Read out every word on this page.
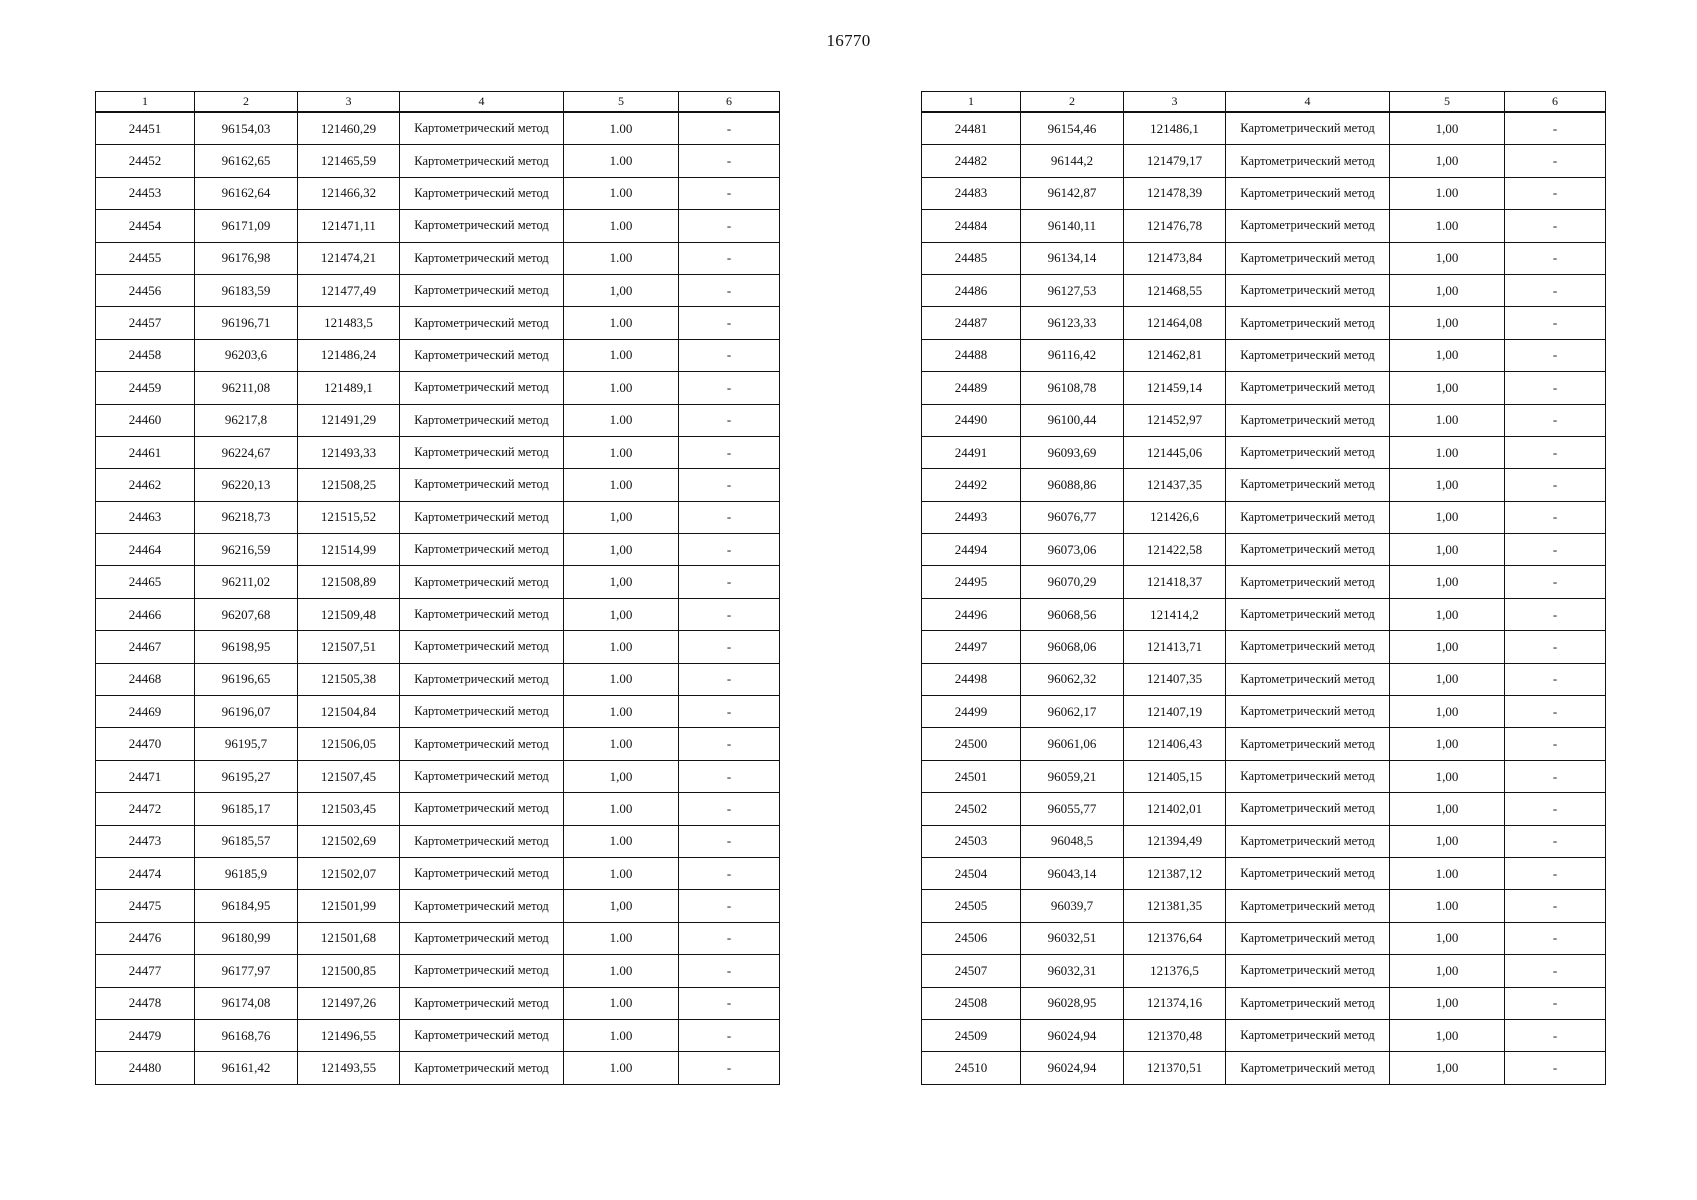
16770
1	2	3	4	5	6
24451	96154,03	121460,29	Картометрический метод	1.00	-
24452	96162,65	121465,59	Картометрический метод	1.00	-
24453	96162,64	121466,32	Картометрический метод	1.00	-
24454	96171,09	121471,11	Картометрический метод	1.00	-
24455	96176,98	121474,21	Картометрический метод	1.00	-
24456	96183,59	121477,49	Картометрический метод	1,00	-
24457	96196,71	121483,5	Картометрический метод	1.00	-
24458	96203,6	121486,24	Картометрический метод	1.00	-
24459	96211,08	121489,1	Картометрический метод	1.00	-
24460	96217,8	121491,29	Картометрический метод	1.00	-
24461	96224,67	121493,33	Картометрический метод	1.00	-
24462	96220,13	121508,25	Картометрический метод	1.00	-
24463	96218,73	121515,52	Картометрический метод	1,00	-
24464	96216,59	121514,99	Картометрический метод	1,00	-
24465	96211,02	121508,89	Картометрический метод	1,00	-
24466	96207,68	121509,48	Картометрический метод	1,00	-
24467	96198,95	121507,51	Картометрический метод	1.00	-
24468	96196,65	121505,38	Картометрический метод	1.00	-
24469	96196,07	121504,84	Картометрический метод	1.00	-
24470	96195,7	121506,05	Картометрический метод	1.00	-
24471	96195,27	121507,45	Картометрический метод	1,00	-
24472	96185,17	121503,45	Картометрический метод	1.00	-
24473	96185,57	121502,69	Картометрический метод	1.00	-
24474	96185,9	121502,07	Картометрический метод	1.00	-
24475	96184,95	121501,99	Картометрический метод	1,00	-
24476	96180,99	121501,68	Картометрический метод	1.00	-
24477	96177,97	121500,85	Картометрический метод	1.00	-
24478	96174,08	121497,26	Картометрический метод	1.00	-
24479	96168,76	121496,55	Картометрический метод	1.00	-
24480	96161,42	121493,55	Картометрический метод	1.00	-
1	2	3	4	5	6
24481	96154,46	121486,1	Картометрический метод	1,00	-
24482	96144,2	121479,17	Картометрический метод	1,00	-
24483	96142,87	121478,39	Картометрический метод	1.00	-
24484	96140,11	121476,78	Картометрический метод	1.00	-
24485	96134,14	121473,84	Картометрический метод	1,00	-
24486	96127,53	121468,55	Картометрический метод	1,00	-
24487	96123,33	121464,08	Картометрический метод	1,00	-
24488	96116,42	121462,81	Картометрический метод	1,00	-
24489	96108,78	121459,14	Картометрический метод	1,00	-
24490	96100,44	121452,97	Картометрический метод	1.00	-
24491	96093,69	121445,06	Картометрический метод	1.00	-
24492	96088,86	121437,35	Картометрический метод	1,00	-
24493	96076,77	121426,6	Картометрический метод	1,00	-
24494	96073,06	121422,58	Картометрический метод	1,00	-
24495	96070,29	121418,37	Картометрический метод	1,00	-
24496	96068,56	121414,2	Картометрический метод	1,00	-
24497	96068,06	121413,71	Картометрический метод	1,00	-
24498	96062,32	121407,35	Картометрический метод	1,00	-
24499	96062,17	121407,19	Картометрический метод	1,00	-
24500	96061,06	121406,43	Картометрический метод	1,00	-
24501	96059,21	121405,15	Картометрический метод	1,00	-
24502	96055,77	121402,01	Картометрический метод	1,00	-
24503	96048,5	121394,49	Картометрический метод	1,00	-
24504	96043,14	121387,12	Картометрический метод	1.00	-
24505	96039,7	121381,35	Картометрический метод	1.00	-
24506	96032,51	121376,64	Картометрический метод	1,00	-
24507	96032,31	121376,5	Картометрический метод	1,00	-
24508	96028,95	121374,16	Картометрический метод	1,00	-
24509	96024,94	121370,48	Картометрический метод	1,00	-
24510	96024,94	121370,51	Картометрический метод	1,00	-
